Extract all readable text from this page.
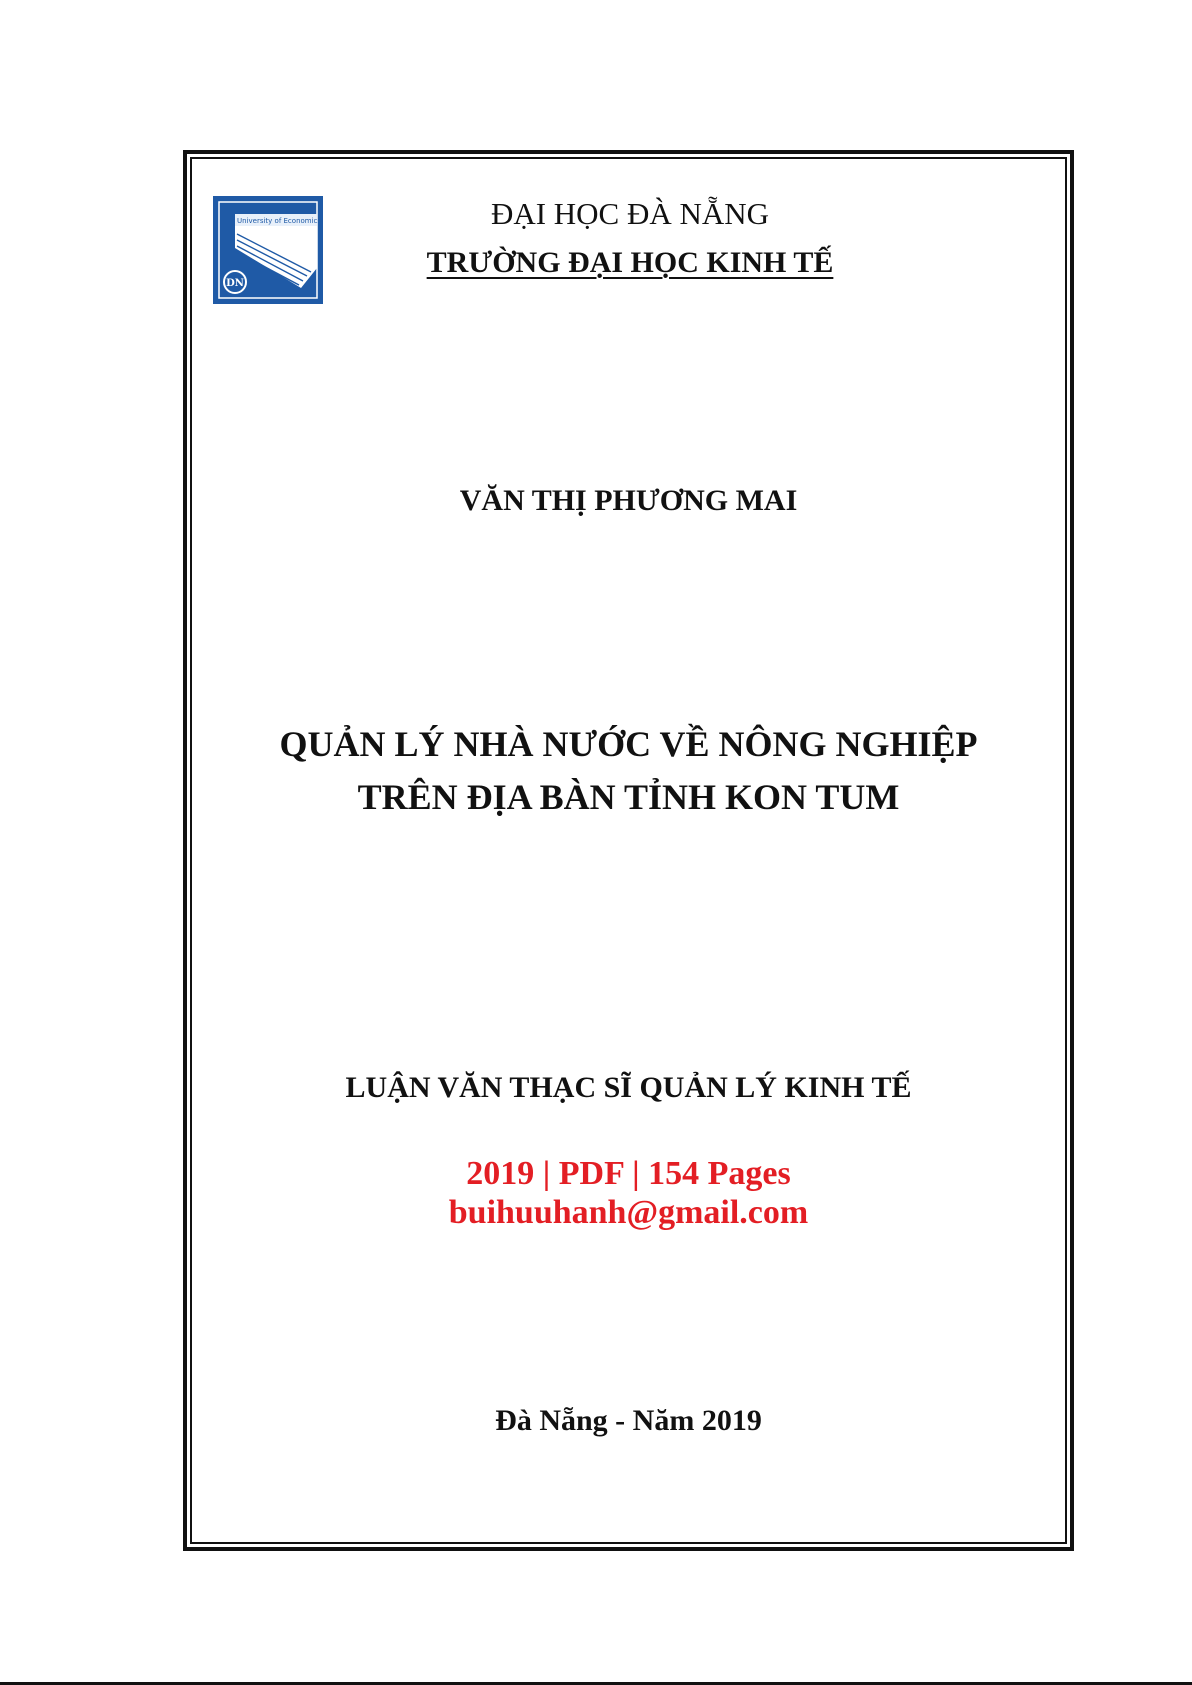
University of Economics
DN
ĐẠI HỌC ĐÀ NẴNG
TRƯỜNG ĐẠI HỌC KINH TẾ
VĂN THỊ PHƯƠNG MAI
QUẢN LÝ NHÀ NƯỚC VỀ NÔNG NGHIỆP
TRÊN ĐỊA BÀN TỈNH KON TUM
LUẬN VĂN THẠC SĨ QUẢN LÝ KINH TẾ
2019 | PDF | 154 Pages
buihuuhanh@gmail.com
Đà Nẵng - Năm 2019
